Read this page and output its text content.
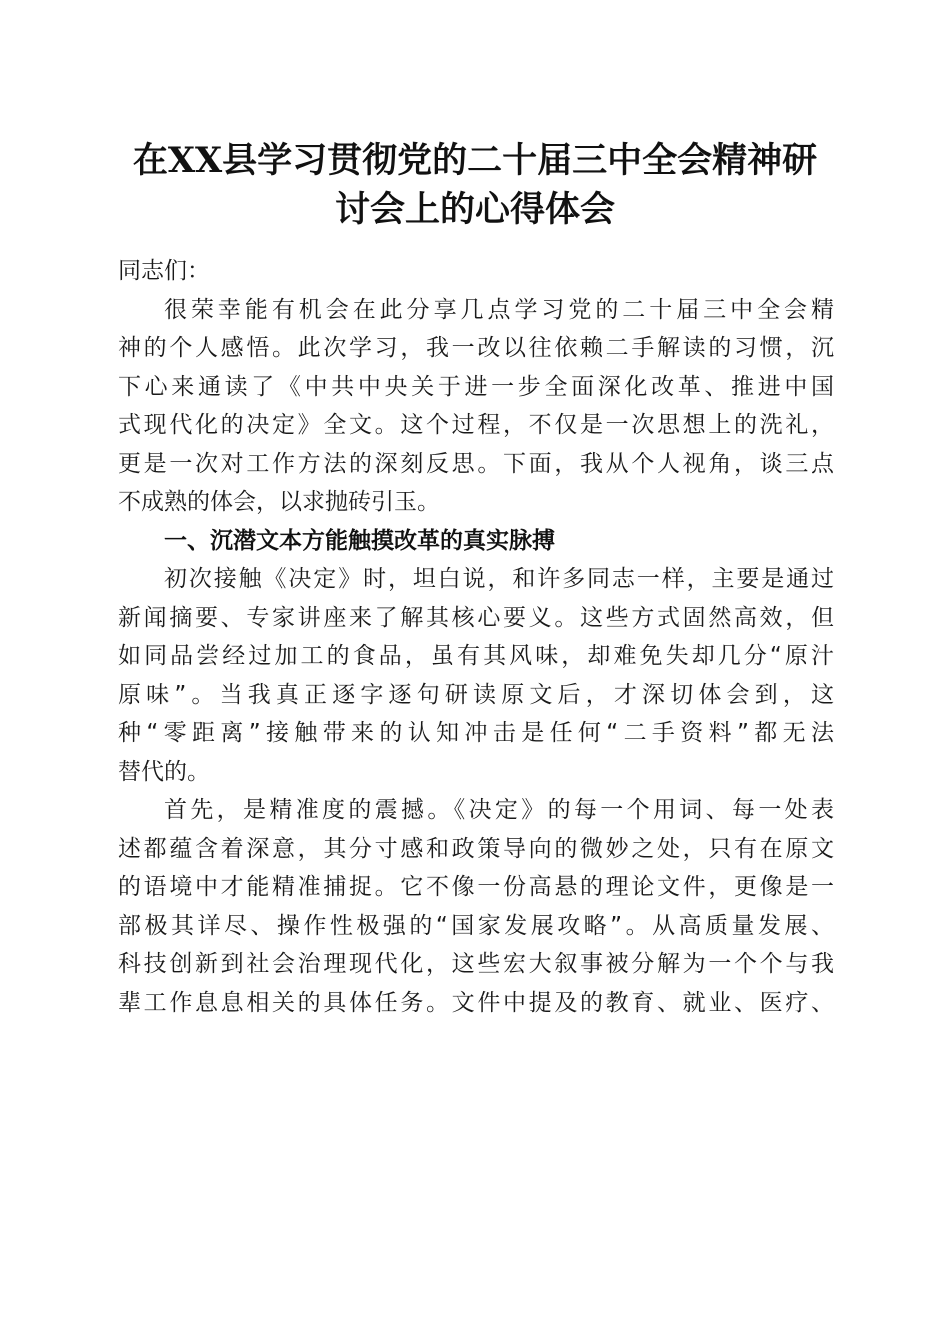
在XX县学习贯彻党的二十届三中全会精神研
讨会上的心得体会
同志们：
很荣幸能有机会在此分享几点学习党的二十届三中全会精
神的个人感悟。此次学习，我一改以往依赖二手解读的习惯，沉
下心来通读了《中共中央关于进一步全面深化改革、推进中国
式现代化的决定》全文。这个过程，不仅是一次思想上的洗礼，
更是一次对工作方法的深刻反思。下面，我从个人视角，谈三点
不成熟的体会，以求抛砖引玉。
一、沉潜文本方能触摸改革的真实脉搏
初次接触《决定》时，坦白说，和许多同志一样，主要是通过
新闻摘要、专家讲座来了解其核心要义。这些方式固然高效，但
如同品尝经过加工的食品，虽有其风味，却难免失却几分“原汁
原味”。当我真正逐字逐句研读原文后，才深切体会到，这
种“零距离”接触带来的认知冲击是任何“二手资料”都无法
替代的。
首先，是精准度的震撼。《决定》的每一个用词、每一处表
述都蕴含着深意，其分寸感和政策导向的微妙之处，只有在原文
的语境中才能精准捕捉。它不像一份高悬的理论文件，更像是一
部极其详尽、操作性极强的“国家发展攻略”。从高质量发展、
科技创新到社会治理现代化，这些宏大叙事被分解为一个个与我
辈工作息息相关的具体任务。文件中提及的教育、就业、医疗、
